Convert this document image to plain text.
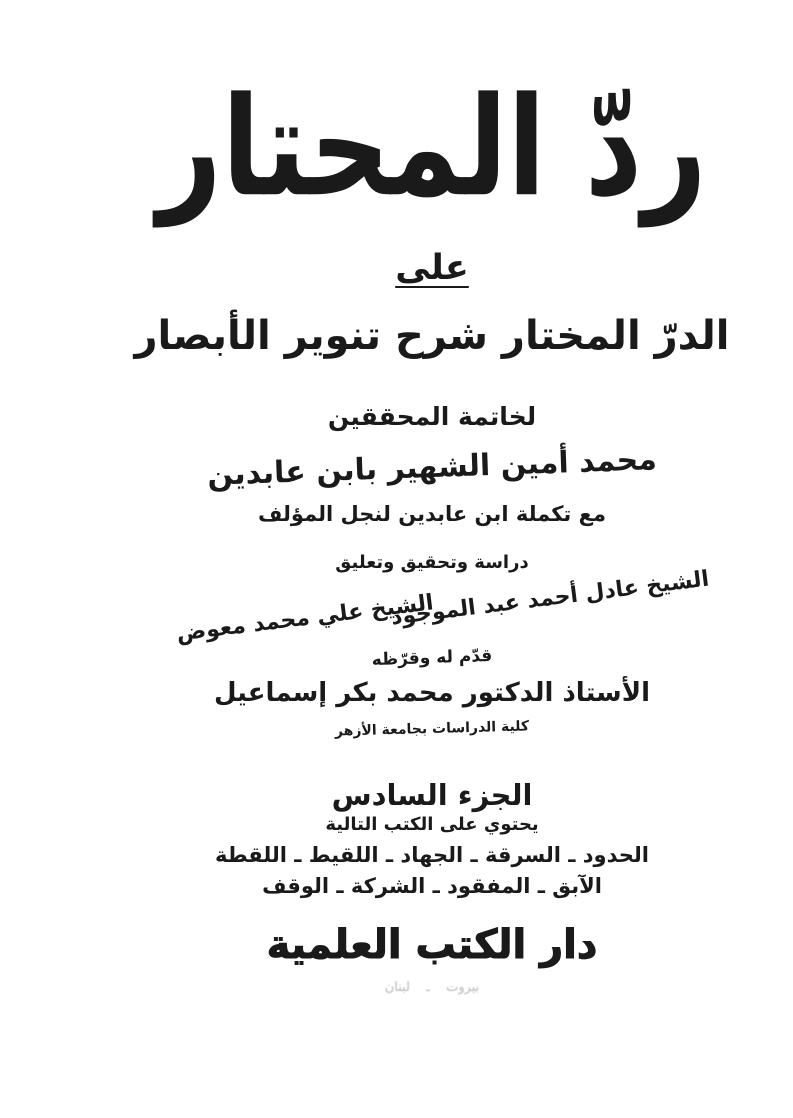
ردّ المحتار
على
الدرّ المختار شرح تنوير الأبصار
لخاتمة المحققين
محمد أمين الشهير بابن عابدين
مع تكملة ابن عابدين لنجل المؤلف
دراسة وتحقيق وتعليق
الشيخ عادل أحمد عبد الموجود
الشيخ علي محمد معوض
قدّم له وقرّظه
الأستاذ الدكتور محمد بكر إسماعيل
كلية الدراسات بجامعة الأزهر
الجزء السادس
يحتوي على الكتب التالية
الحدود ـ السرقة ـ الجهاد ـ اللقيط ـ اللقطة
الآبق ـ المفقود ـ الشركة ـ الوقف
دار الكتب العلمية
بيروت ـ لبنان
